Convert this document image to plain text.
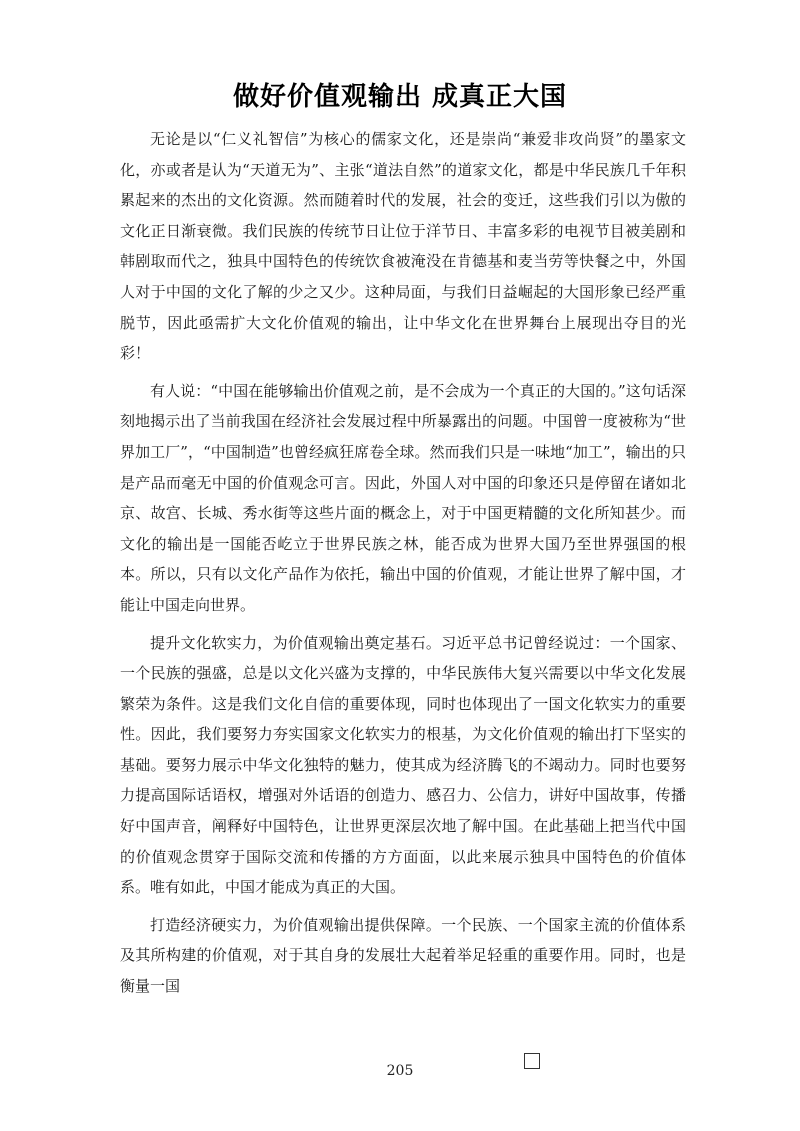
做好价值观输出 成真正大国

无论是以“仁义礼智信”为核心的儒家文化，还是崇尚“兼爱非攻尚贤”的墨家文化，亦或者是认为“天道无为”、主张“道法自然”的道家文化，都是中华民族几千年积累起来的杰出的文化资源。然而随着时代的发展，社会的变迁，这些我们引以为傲的文化正日渐衰微。我们民族的传统节日让位于洋节日、丰富多彩的电视节目被美剧和韩剧取而代之，独具中国特色的传统饮食被淹没在肯德基和麦当劳等快餐之中，外国人对于中国的文化了解的少之又少。这种局面，与我们日益崛起的大国形象已经严重脱节，因此亟需扩大文化价值观的输出，让中华文化在世界舞台上展现出夺目的光彩！

有人说：“中国在能够输出价值观之前，是不会成为一个真正的大国的。”这句话深刻地揭示出了当前我国在经济社会发展过程中所暴露出的问题。中国曾一度被称为“世界加工厂”，“中国制造”也曾经疯狂席卷全球。然而我们只是一味地“加工”，输出的只是产品而毫无中国的价值观念可言。因此，外国人对中国的印象还只是停留在诸如北京、故宫、长城、秀水街等这些片面的概念上，对于中国更精髓的文化所知甚少。而文化的输出是一国能否屹立于世界民族之林，能否成为世界大国乃至世界强国的根本。所以，只有以文化产品作为依托，输出中国的价值观，才能让世界了解中国，才能让中国走向世界。

提升文化软实力，为价值观输出奠定基石。习近平总书记曾经说过：一个国家、一个民族的强盛，总是以文化兴盛为支撑的，中华民族伟大复兴需要以中华文化发展繁荣为条件。这是我们文化自信的重要体现，同时也体现出了一国文化软实力的重要性。因此，我们要努力夯实国家文化软实力的根基，为文化价值观的输出打下坚实的基础。要努力展示中华文化独特的魅力，使其成为经济腾飞的不竭动力。同时也要努力提高国际话语权，增强对外话语的创造力、感召力、公信力，讲好中国故事，传播好中国声音，阐释好中国特色，让世界更深层次地了解中国。在此基础上把当代中国的价值观念贯穿于国际交流和传播的方方面面，以此来展示独具中国特色的价值体系。唯有如此，中国才能成为真正的大国。

打造经济硬实力，为价值观输出提供保障。一个民族、一个国家主流的价值体系及其所构建的价值观，对于其自身的发展壮大起着举足轻重的重要作用。同时，也是衡量一国

205
